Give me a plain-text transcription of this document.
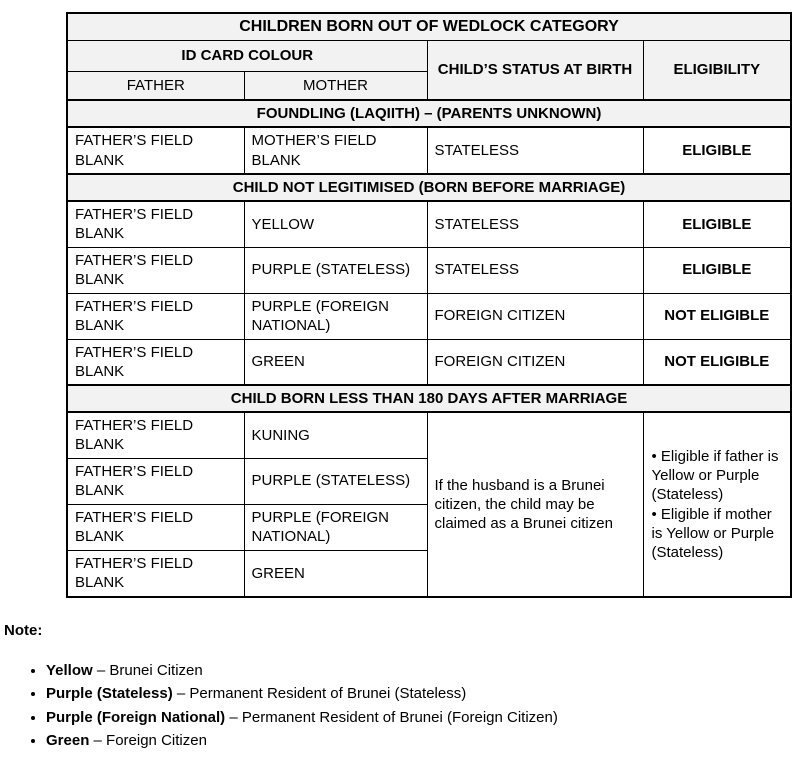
CHILDREN BORN OUT OF WEDLOCK CATEGORY			
ID CARD COLOUR		CHILD’S STATUS AT BIRTH	ELIGIBILITY
FATHER	MOTHER		
FOUNDLING (LAQIITH) – (PARENTS UNKNOWN)			
FATHER’S FIELD BLANK	MOTHER’S FIELD BLANK	STATELESS	ELIGIBLE
CHILD NOT LEGITIMISED (BORN BEFORE MARRIAGE)			
FATHER’S FIELD BLANK	YELLOW	STATELESS	ELIGIBLE
FATHER’S FIELD BLANK	PURPLE (STATELESS)	STATELESS	ELIGIBLE
FATHER’S FIELD BLANK	PURPLE (FOREIGN NATIONAL)	FOREIGN CITIZEN	NOT ELIGIBLE
FATHER’S FIELD BLANK	GREEN	FOREIGN CITIZEN	NOT ELIGIBLE
CHILD BORN LESS THAN 180 DAYS AFTER MARRIAGE			
FATHER’S FIELD BLANK	KUNING	If the husband is a Brunei citizen, the child may be claimed as a Brunei citizen	• Eligible if father is Yellow or Purple (Stateless)
• Eligible if mother is Yellow or Purple (Stateless)

FATHER’S FIELD BLANK	PURPLE (STATELESS)		
FATHER’S FIELD BLANK	PURPLE (FOREIGN NATIONAL)		
FATHER’S FIELD BLANK	GREEN		
Note:
• Yellow – Brunei Citizen
• Purple (Stateless) – Permanent Resident of Brunei (Stateless)
• Purple (Foreign National) – Permanent Resident of Brunei (Foreign Citizen)
• Green – Foreign Citizen
